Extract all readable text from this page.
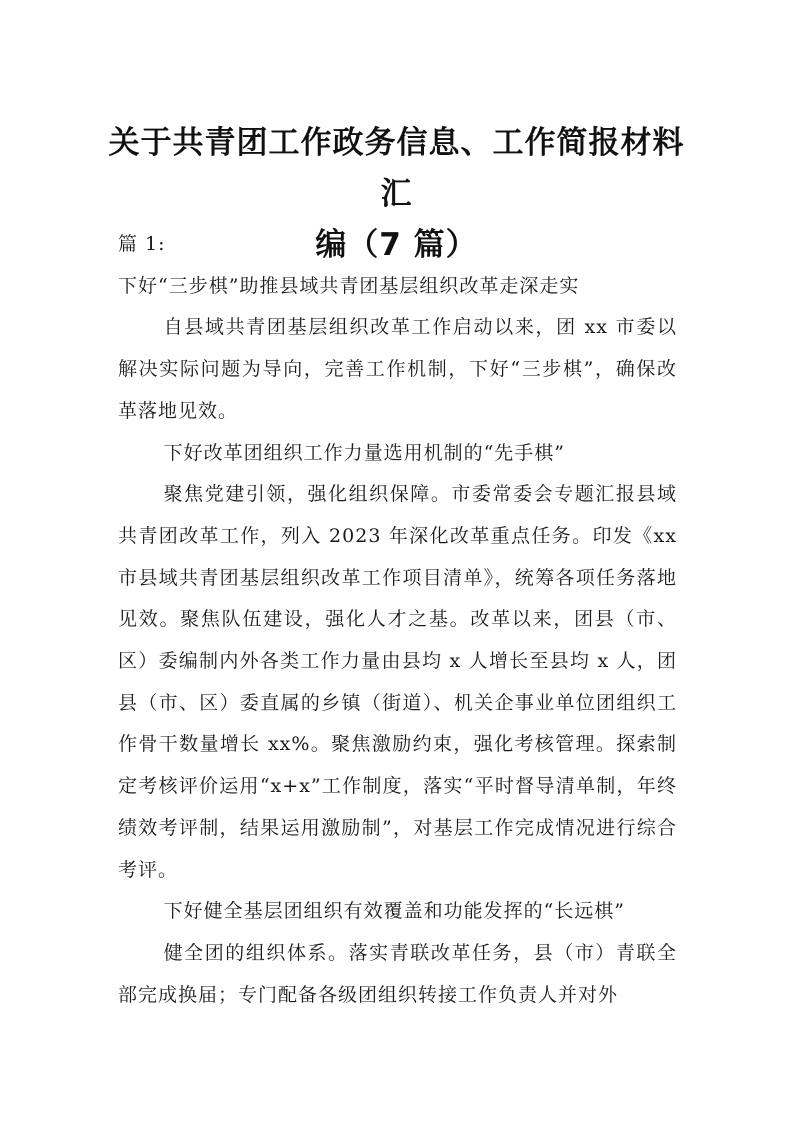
关于共青团工作政务信息、工作简报材料汇
编（7 篇）

篇 1:

下好“三步棋”助推县域共青团基层组织改革走深走实

自县域共青团基层组织改革工作启动以来，团 xx 市委以解决实际问题为导向，完善工作机制，下好“三步棋”，确保改革落地见效。

下好改革团组织工作力量选用机制的“先手棋”

聚焦党建引领，强化组织保障。市委常委会专题汇报县域共青团改革工作，列入 2023 年深化改革重点任务。印发《xx 市县域共青团基层组织改革工作项目清单》，统筹各项任务落地见效。聚焦队伍建设，强化人才之基。改革以来，团县（市、区）委编制内外各类工作力量由县均 x 人增长至县均 x 人，团县（市、区）委直属的乡镇（街道）、机关企事业单位团组织工作骨干数量增长 xx%。聚焦激励约束，强化考核管理。探索制定考核评价运用“x+x”工作制度，落实“平时督导清单制，年终绩效考评制，结果运用激励制”，对基层工作完成情况进行综合考评。

下好健全基层团组织有效覆盖和功能发挥的“长远棋”

健全团的组织体系。落实青联改革任务，县（市）青联全部完成换届；专门配备各级团组织转接工作负责人并对外
